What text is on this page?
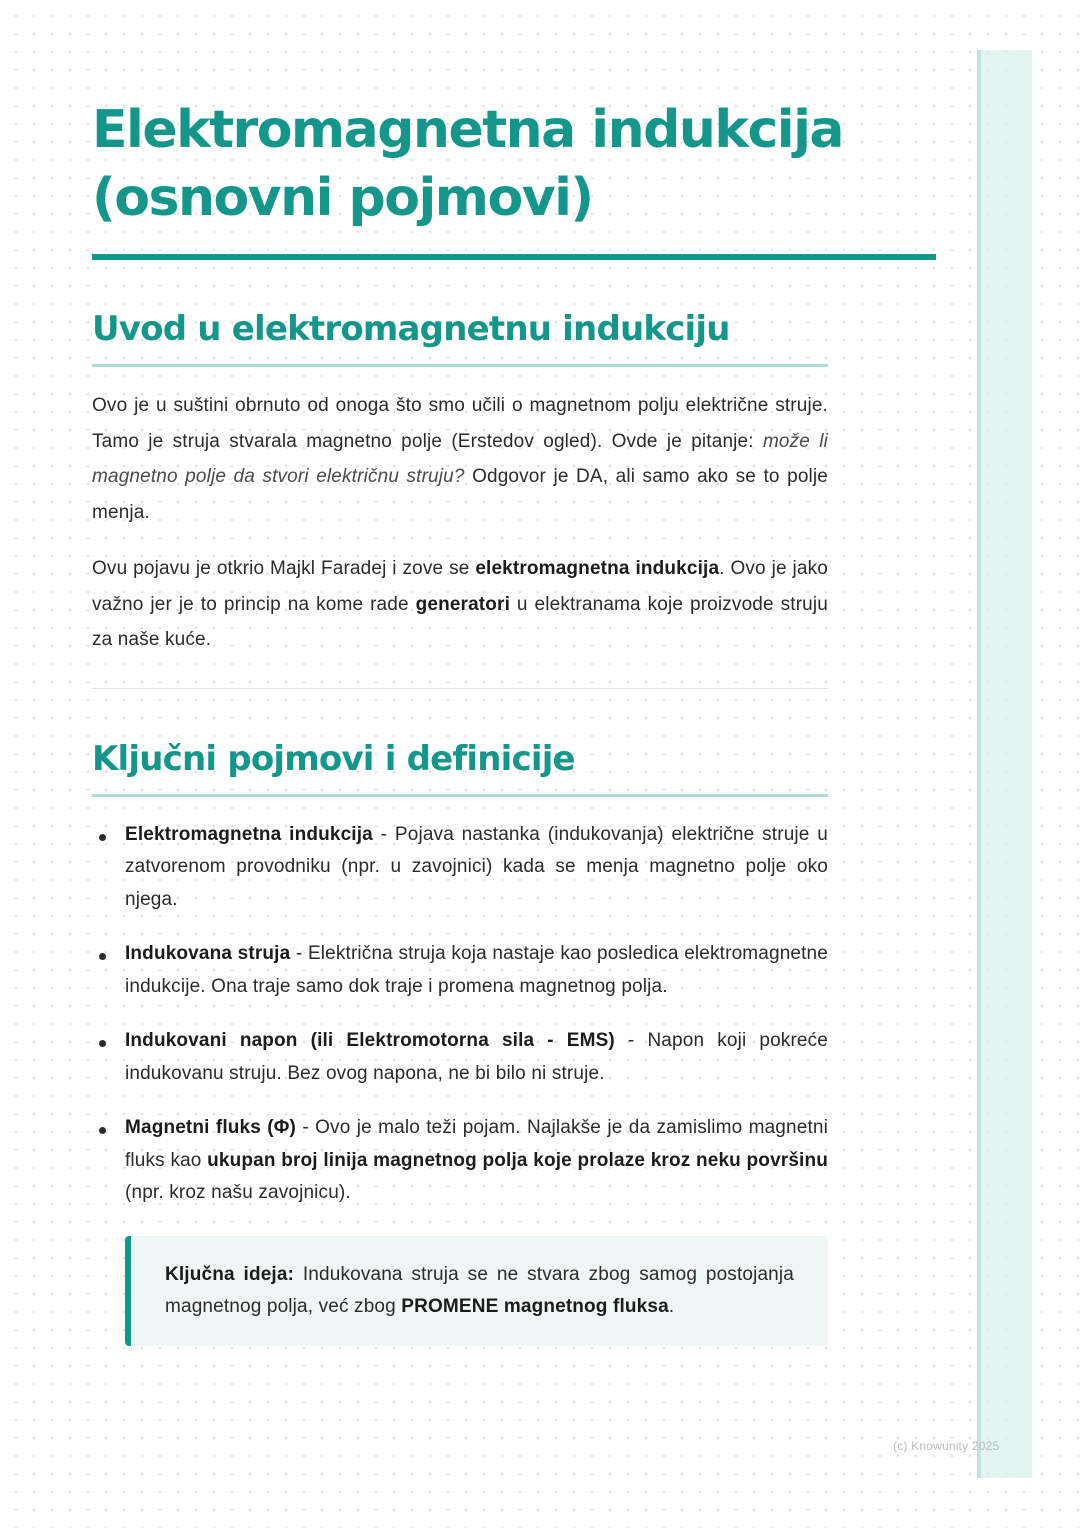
Elektromagnetna indukcija (osnovni pojmovi)
Uvod u elektromagnetnu indukciju

Ovo je u suštini obrnuto od onoga što smo učili o magnetnom polju električne struje. Tamo je struja stvarala magnetno polje (Erstedov ogled). Ovde je pitanje: može li magnetno polje da stvori električnu struju? Odgovor je DA, ali samo ako se to polje menja.

Ovu pojavu je otkrio Majkl Faradej i zove se elektromagnetna indukcija. Ovo je jako važno jer je to princip na kome rade generatori u elektranama koje proizvode struju za naše kuće.

Ključni pojmovi i definicije

Elektromagnetna indukcija - Pojava nastanka (indukovanja) električne struje u zatvorenom provodniku (npr. u zavojnici) kada se menja magnetno polje oko njega.

Indukovana struja - Električna struja koja nastaje kao posledica elektromagnetne indukcije. Ona traje samo dok traje i promena magnetnog polja.

Indukovani napon (ili Elektromotorna sila - EMS) - Napon koji pokreće indukovanu struju. Bez ovog napona, ne bi bilo ni struje.

Magnetni fluks (Φ) - Ovo je malo teži pojam. Najlakše je da zamislimo magnetni fluks kao ukupan broj linija magnetnog polja koje prolaze kroz neku površinu (npr. kroz našu zavojnicu).

Ključna ideja: Indukovana struja se ne stvara zbog samog postojanja magnetnog polja, već zbog PROMENE magnetnog fluksa.

(c) Knowunity 2025
